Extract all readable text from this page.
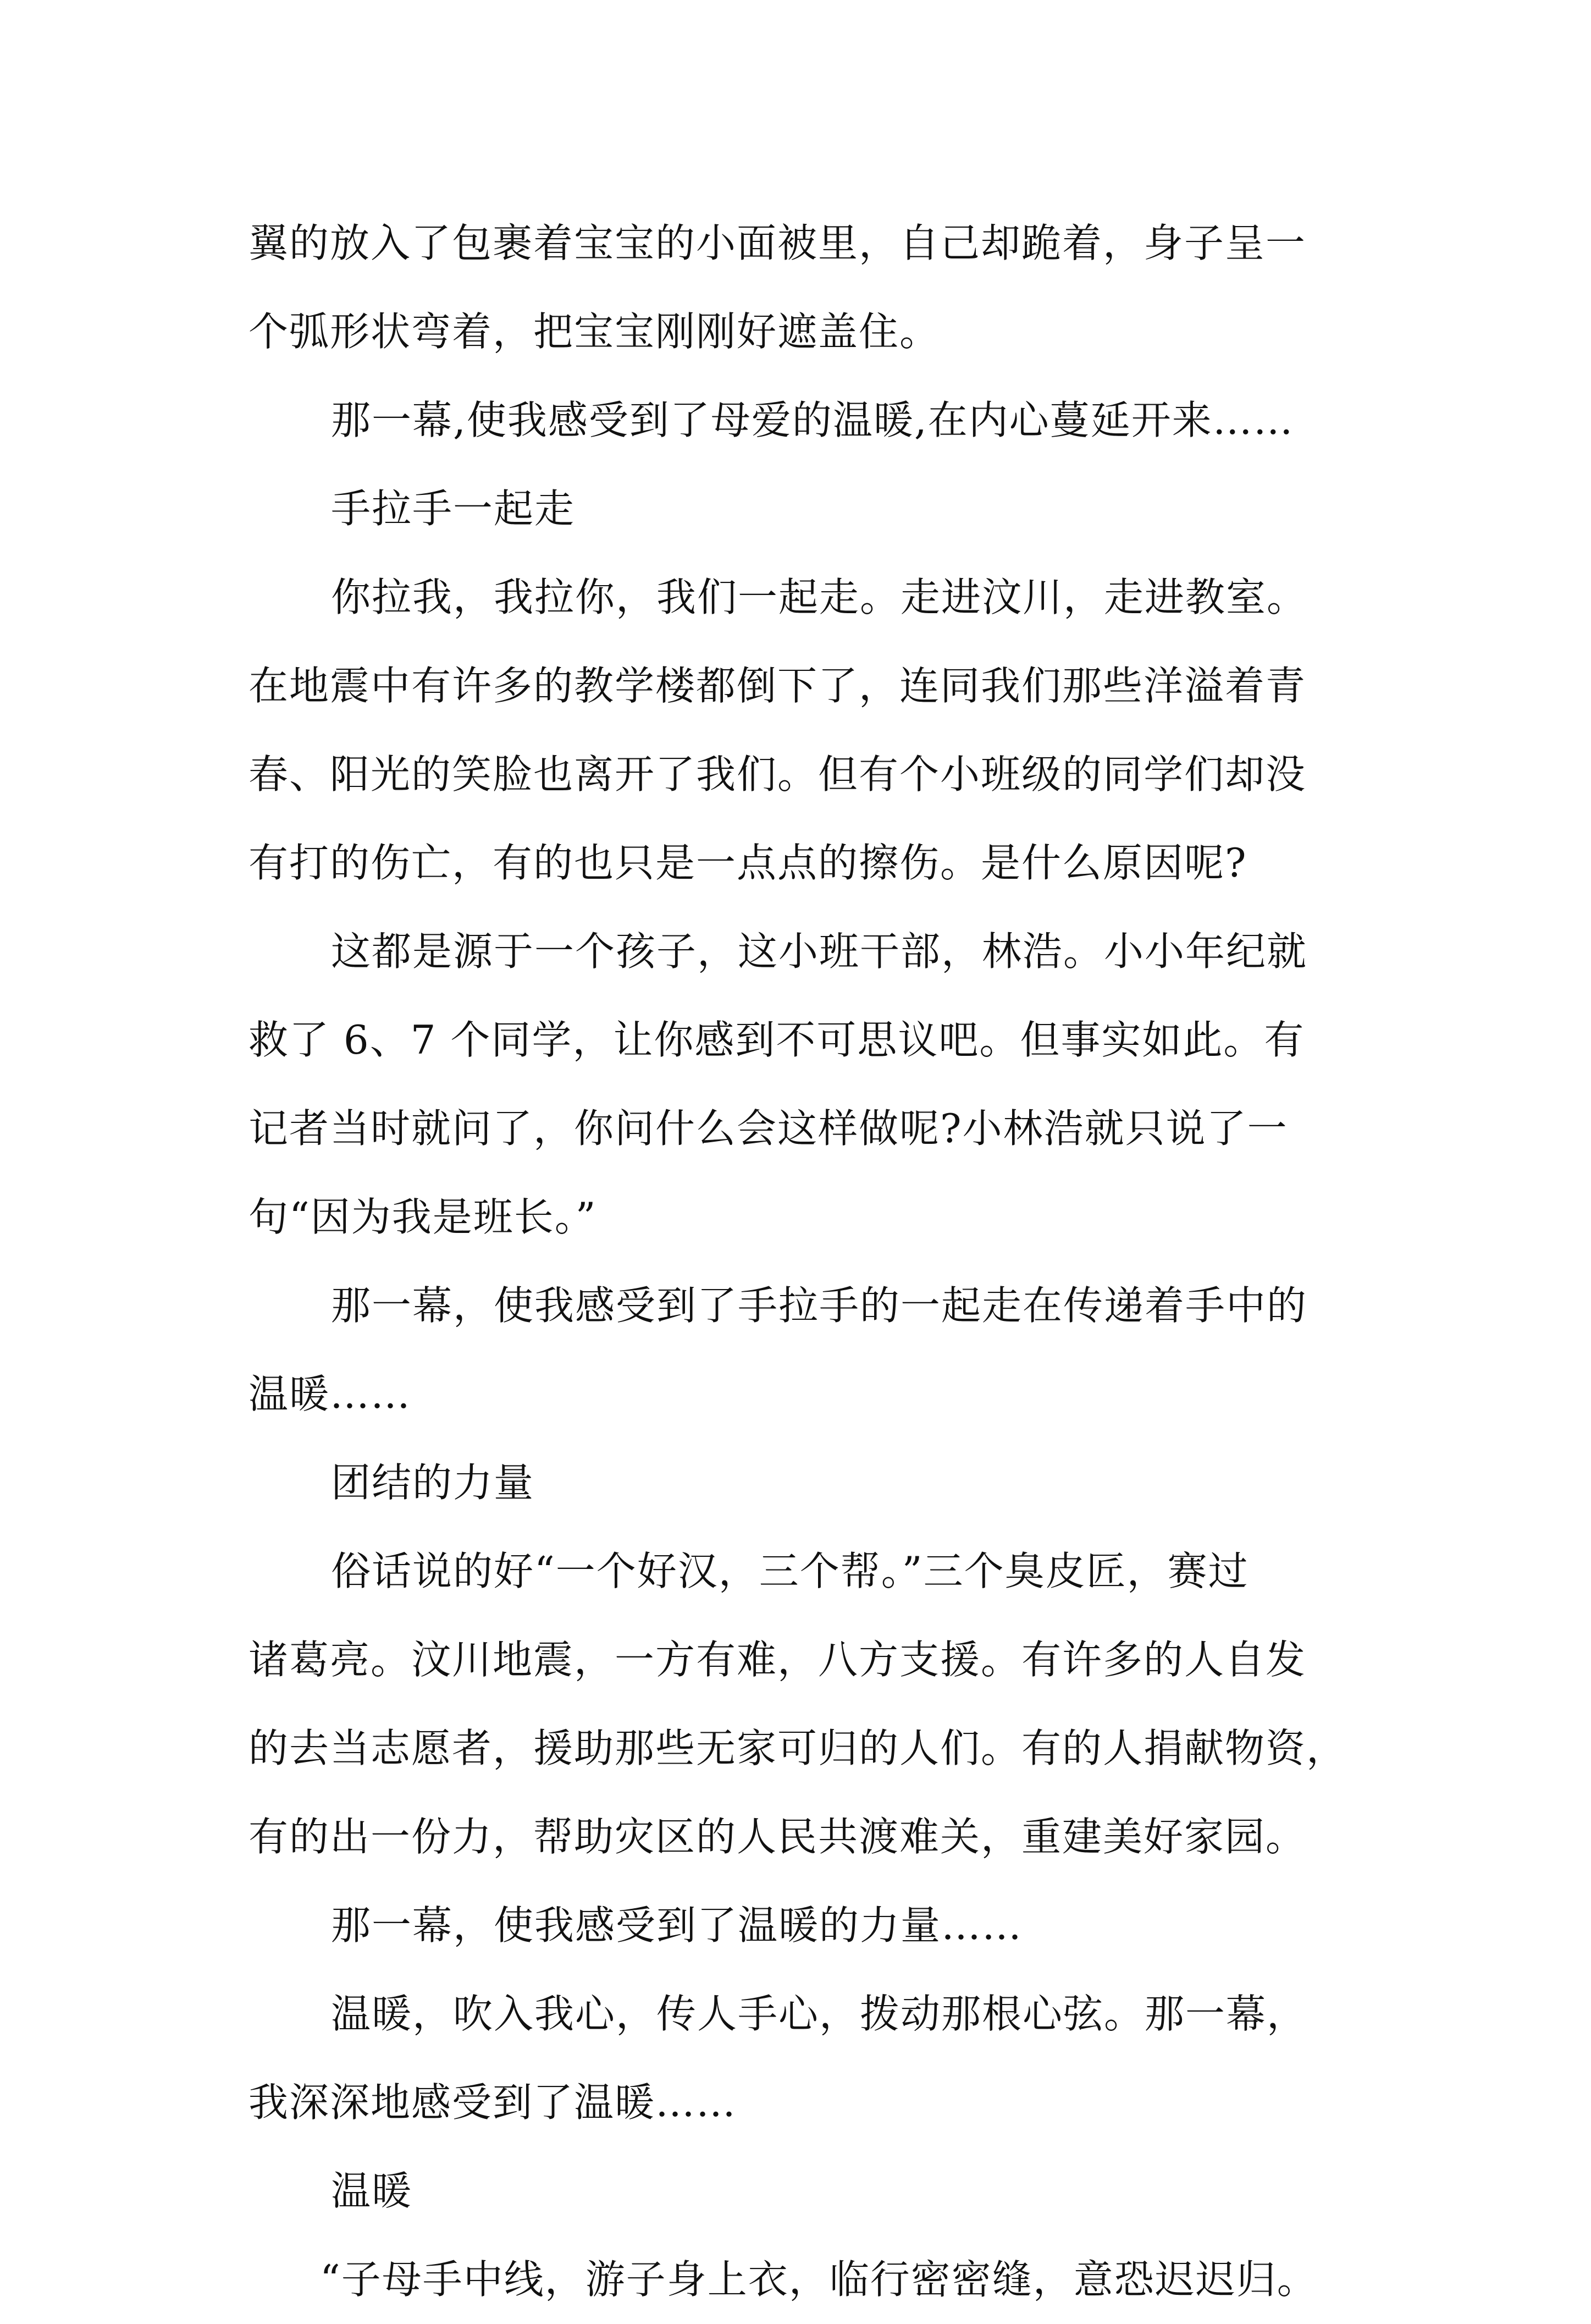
翼的放入了包裹着宝宝的小面被里，自己却跪着，身子呈一
个弧形状弯着，把宝宝刚刚好遮盖住。
那一幕,使我感受到了母爱的温暖,在内心蔓延开来……
手拉手一起走
你拉我，我拉你，我们一起走。走进汶川，走进教室。
在地震中有许多的教学楼都倒下了，连同我们那些洋溢着青
春、阳光的笑脸也离开了我们。但有个小班级的同学们却没
有打的伤亡，有的也只是一点点的擦伤。是什么原因呢?
这都是源于一个孩子，这小班干部，林浩。小小年纪就
救了 6、7 个同学，让你感到不可思议吧。但事实如此。有
记者当时就问了，你问什么会这样做呢?小林浩就只说了一
句“因为我是班长。”
那一幕，使我感受到了手拉手的一起走在传递着手中的
温暖……
团结的力量
俗话说的好“一个好汉，三个帮。”三个臭皮匠，赛过
诸葛亮。汶川地震，一方有难，八方支援。有许多的人自发
的去当志愿者，援助那些无家可归的人们。有的人捐献物资，
有的出一份力，帮助灾区的人民共渡难关，重建美好家园。
那一幕，使我感受到了温暖的力量……
温暖，吹入我心，传人手心，拨动那根心弦。那一幕，
我深深地感受到了温暖……
温暖
“子母手中线，游子身上衣，临行密密缝，意恐迟迟归。
